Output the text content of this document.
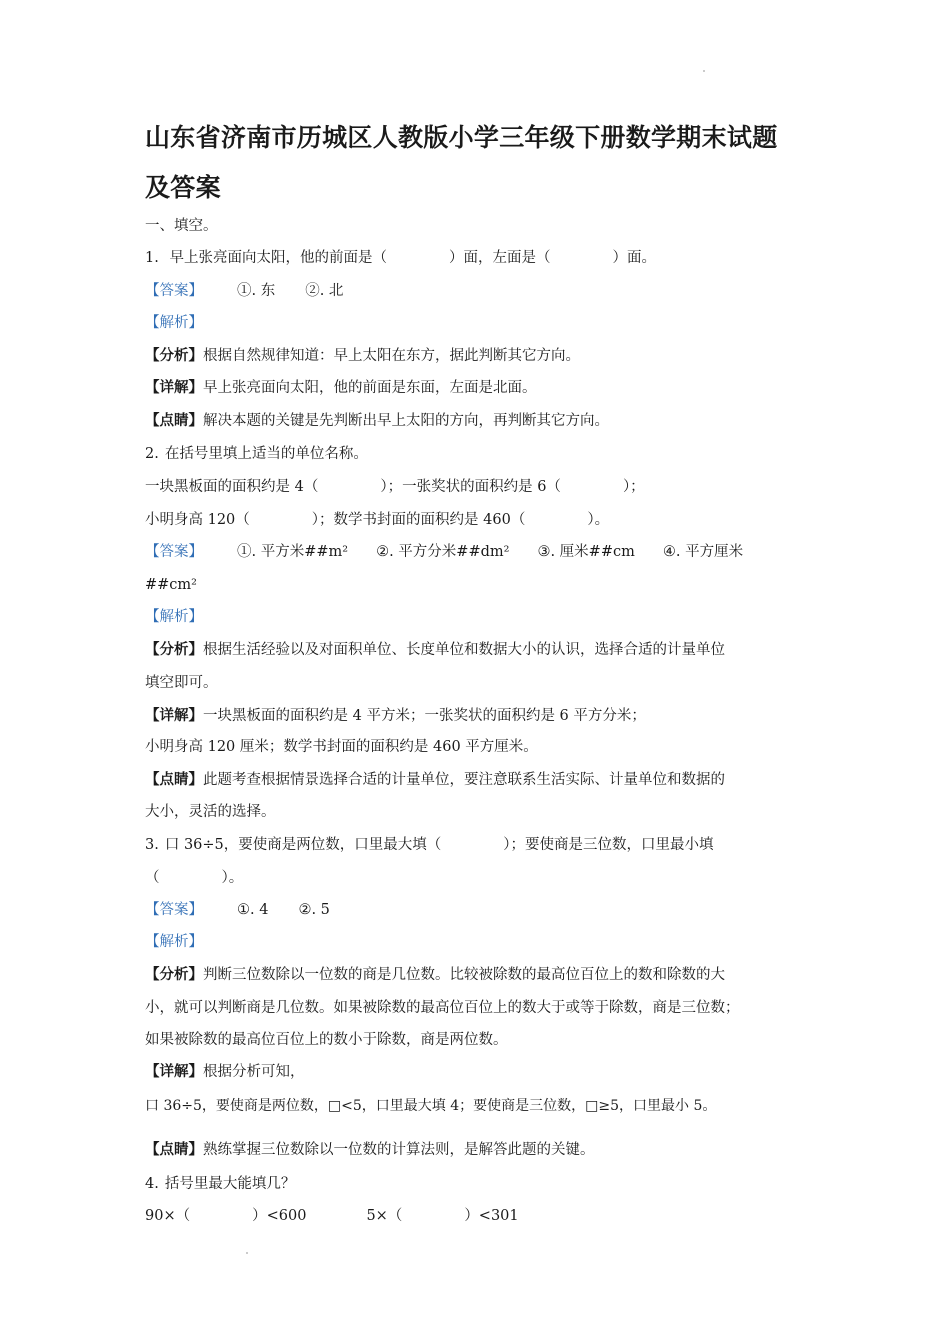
山东省济南市历城区人教版小学三年级下册数学期末试题
及答案
一、填空。
1. 早上张亮面向太阳，他的前面是（	）面，左面是（	）面。
【答案】 ①. 东 ②. 北
【解析】
【分析】根据自然规律知道：早上太阳在东方，据此判断其它方向。
【详解】早上张亮面向太阳，他的前面是东面，左面是北面。
【点睛】解决本题的关键是先判断出早上太阳的方向，再判断其它方向。
2. 在括号里填上适当的单位名称。
一块黑板面的面积约是 4（	）；一张奖状的面积约是 6（	）；
小明身高 120（	）；数学书封面的面积约是 460（	）。
【答案】 ①. 平方米##m² ②. 平方分米##dm² ③. 厘米##cm ④. 平方厘米
##cm²
【解析】
【分析】根据生活经验以及对面积单位、长度单位和数据大小的认识，选择合适的计量单位
填空即可。
【详解】一块黑板面的面积约是 4 平方米；一张奖状的面积约是 6 平方分米；
小明身高 120 厘米；数学书封面的面积约是 460 平方厘米。
【点睛】此题考查根据情景选择合适的计量单位，要注意联系生活实际、计量单位和数据的
大小，灵活的选择。
3. 口 36÷5，要使商是两位数，口里最大填（	）；要使商是三位数，口里最小填
（	）。
【答案】 ①. 4 ②. 5
【解析】
【分析】判断三位数除以一位数的商是几位数。比较被除数的最高位百位上的数和除数的大
小，就可以判断商是几位数。如果被除数的最高位百位上的数大于或等于除数，商是三位数；
如果被除数的最高位百位上的数小于除数，商是两位数。
【详解】根据分析可知，
口 36÷5，要使商是两位数，□<5，口里最大填 4；要使商是三位数，□≥5，口里最小 5。
【点睛】熟练掌握三位数除以一位数的计算法则，是解答此题的关键。
4. 括号里最大能填几？
90×（	）<600	5×（	）<301
